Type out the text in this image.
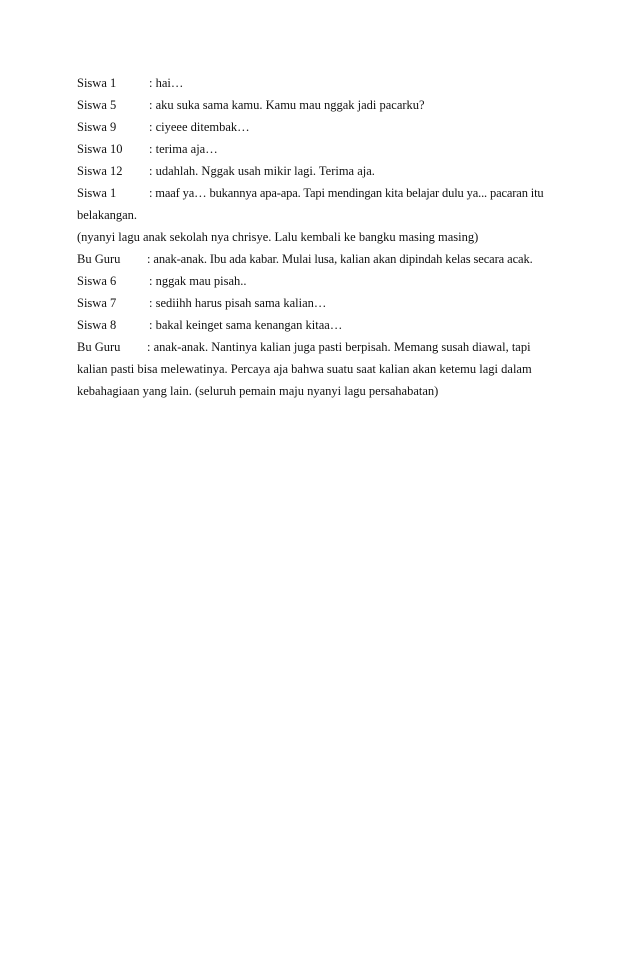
Siswa 1	: hai…
Siswa 5	: aku suka sama kamu. Kamu mau nggak jadi pacarku?
Siswa 9	: ciyeee ditembak…
Siswa 10 : terima aja…
Siswa 12 : udahlah. Nggak usah mikir lagi. Terima aja.
Siswa 1	: maaf ya… bukannya apa-apa. Tapi mendingan kita belajar dulu ya... pacaran itu
belakangan.
(nyanyi lagu anak sekolah nya chrisye. Lalu kembali ke bangku masing masing)
Bu Guru : anak-anak. Ibu ada kabar. Mulai lusa, kalian akan dipindah kelas secara acak.
Siswa 6	: nggak mau pisah..
Siswa 7	: sediihh harus pisah sama kalian…
Siswa 8	: bakal keinget sama kenangan kitaa…
Bu Guru : anak-anak. Nantinya kalian juga pasti berpisah. Memang susah diawal, tapi
kalian pasti bisa melewatinya. Percaya aja bahwa suatu saat kalian akan ketemu lagi dalam
kebahagiaan yang lain. (seluruh pemain maju nyanyi lagu persahabatan)
